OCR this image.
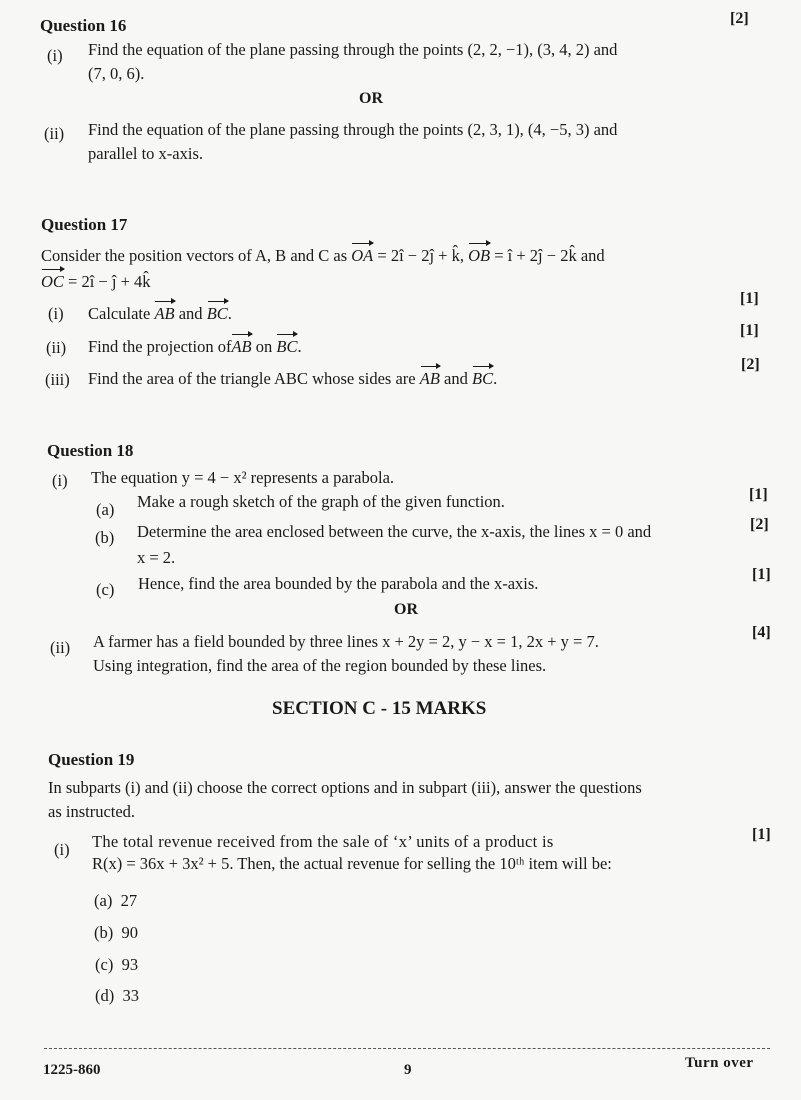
Question 16	[2]
(i) Find the equation of the plane passing through the points (2, 2, −1), (3, 4, 2) and
(7, 0, 6).
OR
(ii) Find the equation of the plane passing through the points (2, 3, 1), (4, −5, 3) and
parallel to x-axis.
Question 17
Consider the position vectors of A, B and C as OA = 2î − 2ĵ + k̂, OB = î + 2ĵ − 2k̂ and
OC = 2î − ĵ + 4k̂
(i) Calculate AB and BC.
[1]
(ii) Find the projection ofAB on BC.
[1]
(iii) Find the area of the triangle ABC whose sides are AB and BC.
[2]
Question 18
(i) The equation y = 4 − x² represents a parabola.
(a) Make a rough sketch of the graph of the given function.	[1]
(b) Determine the area enclosed between the curve, the x-axis, the lines x = 0 and
x = 2.
[2]
(c) Hence, find the area bounded by the parabola and the x-axis.	[1]
OR
(ii) A farmer has a field bounded by three lines x + 2y = 2, y − x = 1, 2x + y = 7.
Using integration, find the area of the region bounded by these lines.
[4]
SECTION C - 15 MARKS
Question 19
In subparts (i) and (ii) choose the correct options and in subpart (iii), answer the questions
as instructed.
(i) The total revenue received from the sale of ‘x’ units of a product is
R(x) = 36x + 3x² + 5. Then, the actual revenue for selling the 10ᵗʰ item will be:
[1]
(a) 27
(b) 90
(c) 93
(d) 33
1225-860	9	Turn over
